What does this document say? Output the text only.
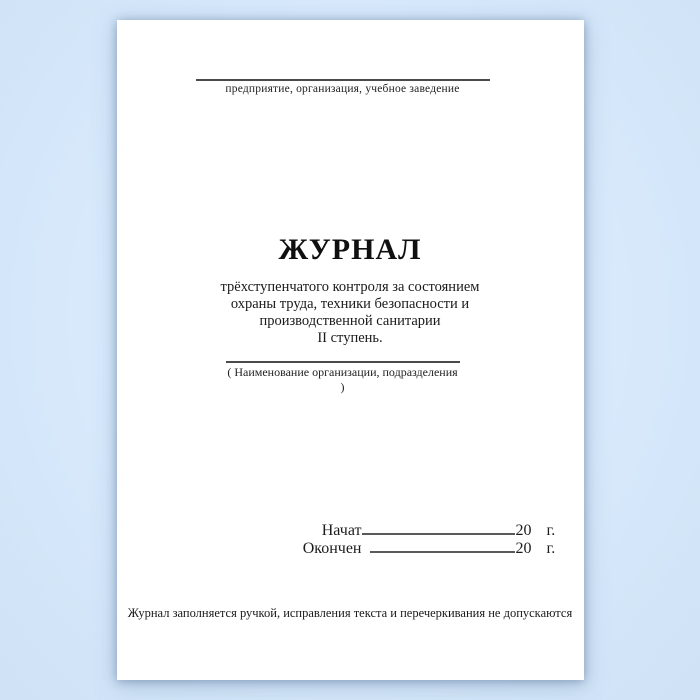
предприятие, организация, учебное заведение
ЖУРНАЛ
трёхступенчатого контроля за состоянием
охраны труда, техники безопасности и
производственной санитарии
II ступень.
( Наименование организации, подразделения )
Начат	20 г.
Окончен	20 г.
Журнал заполняется ручкой, исправления текста и перечеркивания не допускаются
